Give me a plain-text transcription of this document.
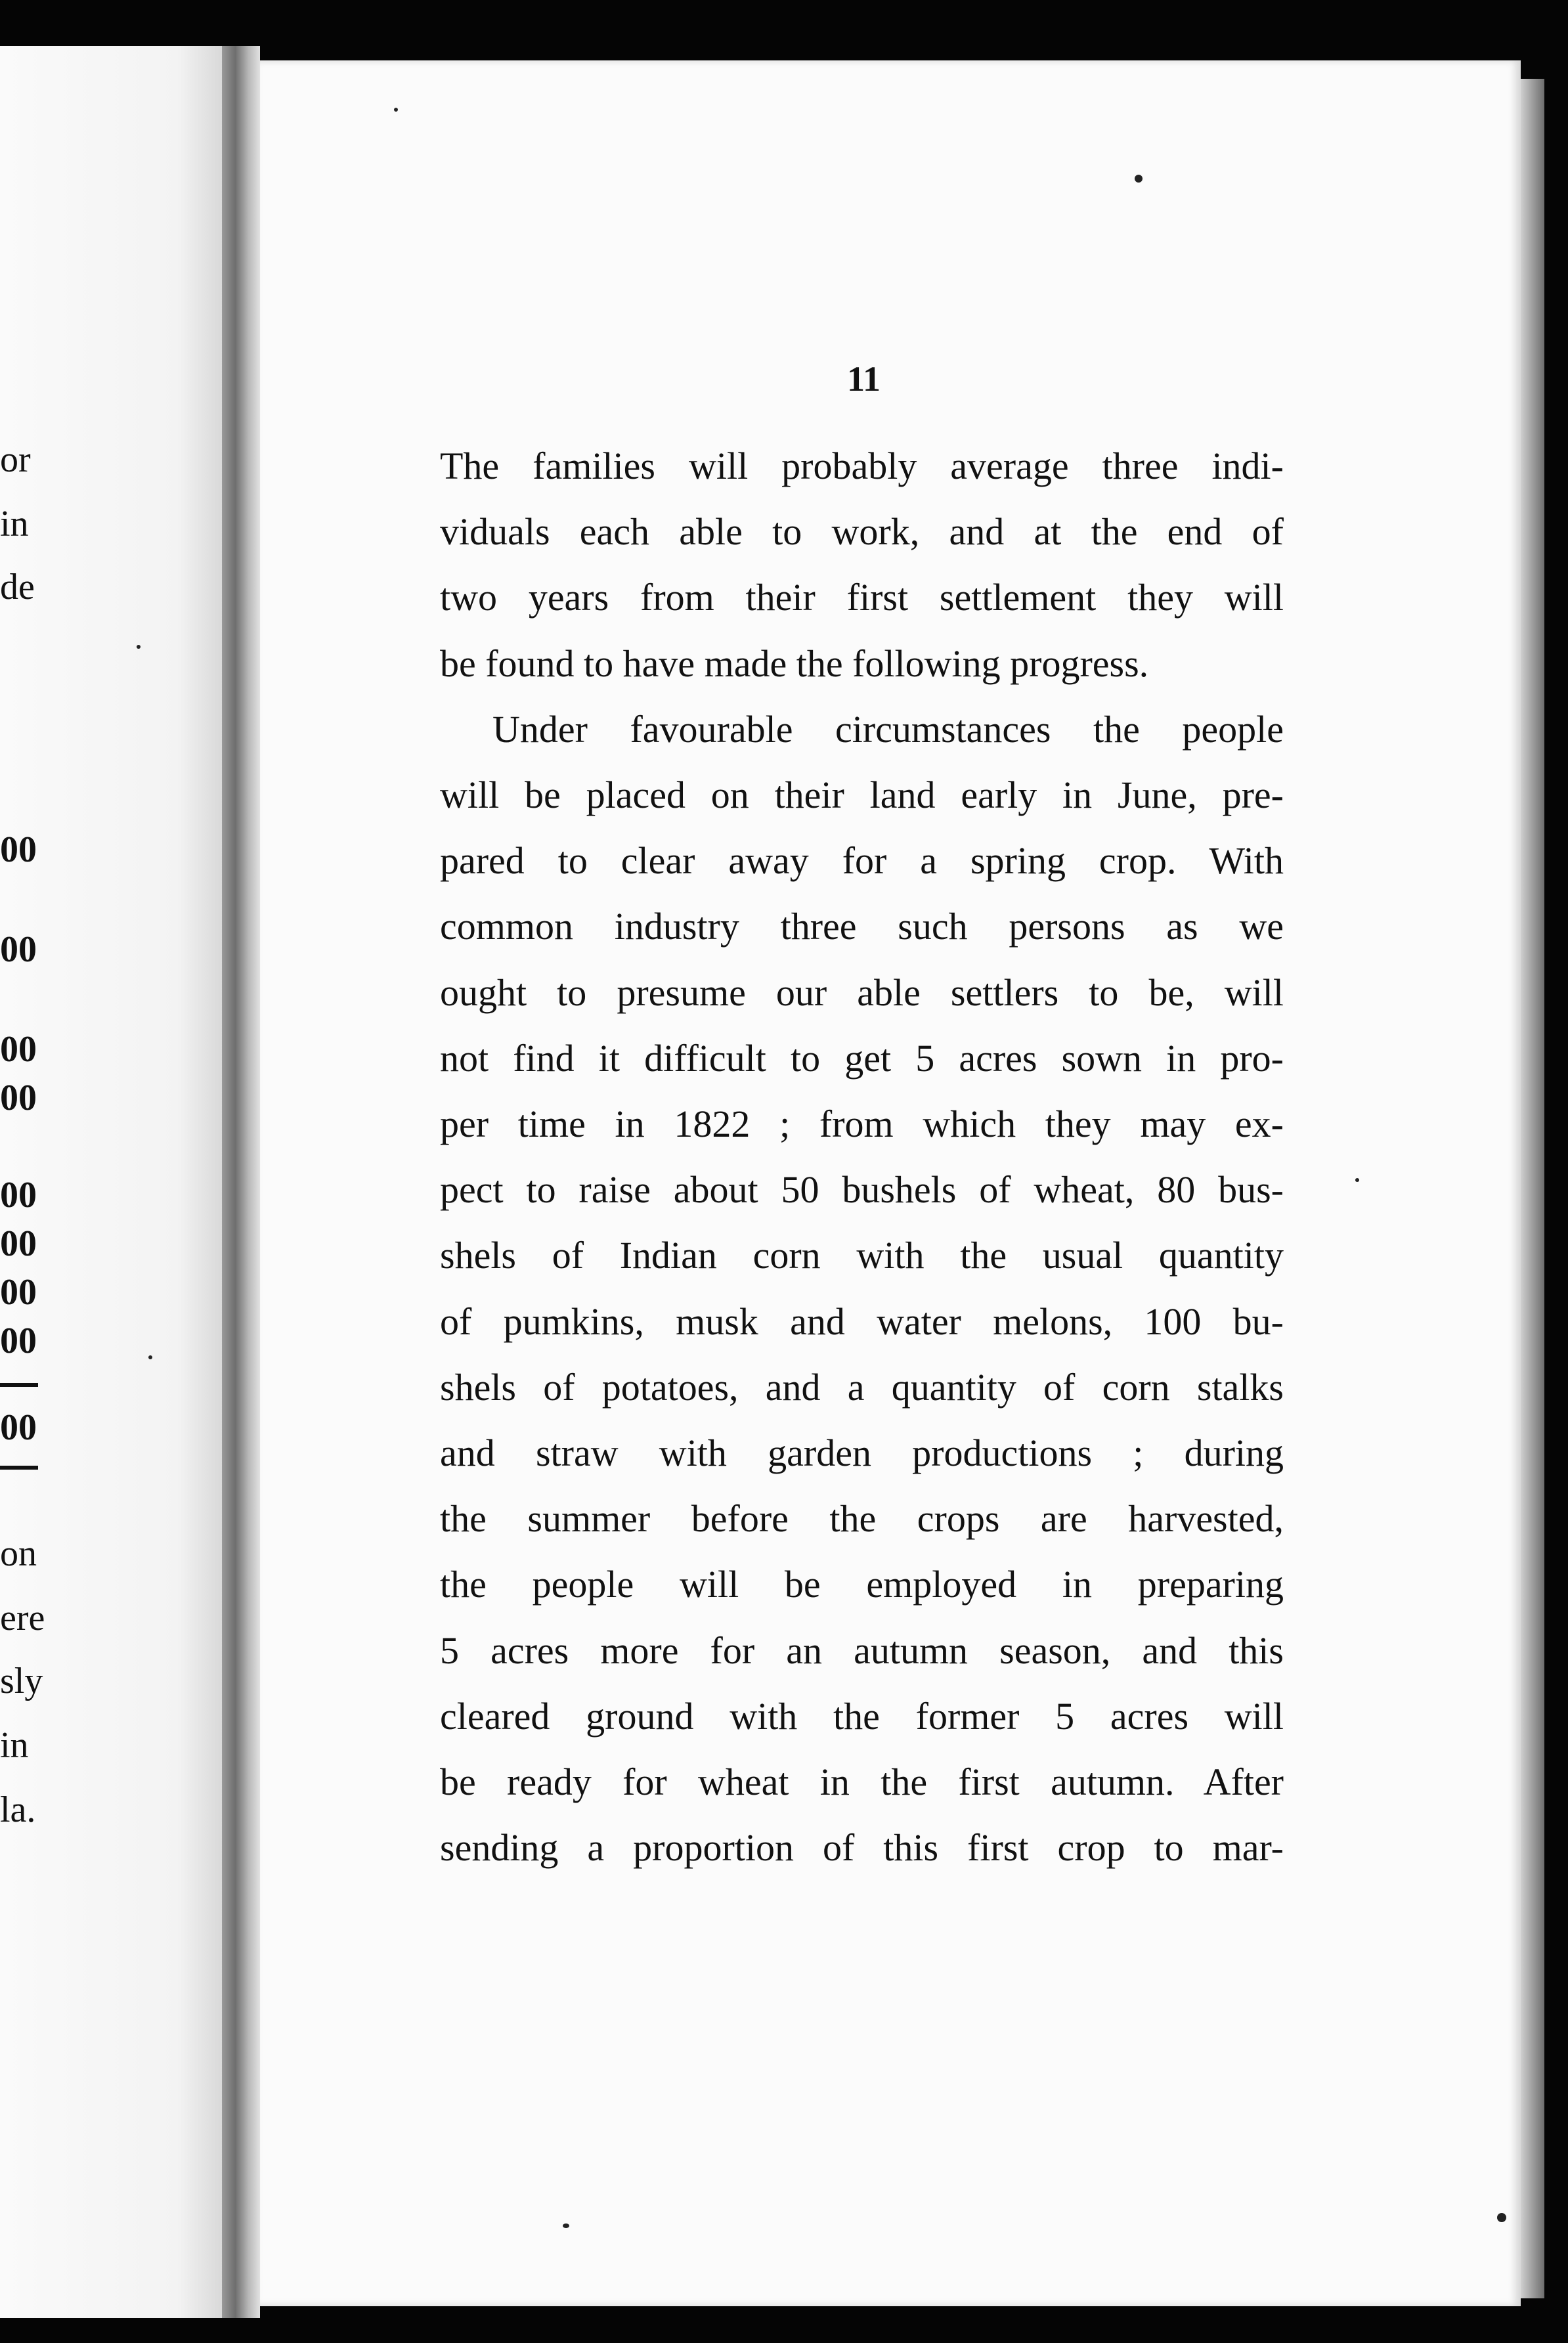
or
in
de
00
00
00
00
00
00
00
00
00
on
ere
sly
in
la.
11
The families will probably average three indi-
viduals each able to work, and at the end of
two years from their first settlement they will
be found to have made the following progress.
Under favourable circumstances the people
will be placed on their land early in June, pre-
pared to clear away for a spring crop. With
common industry three such persons as we
ought to presume our able settlers to be, will
not find it difficult to get 5 acres sown in pro-
per time in 1822 ; from which they may ex-
pect to raise about 50 bushels of wheat, 80 bus-
shels of Indian corn with the usual quantity
of pumkins, musk and water melons, 100 bu-
shels of potatoes, and a quantity of corn stalks
and straw with garden productions ; during
the summer before the crops are harvested,
the people will be employed in preparing
5 acres more for an autumn season, and this
cleared ground with the former 5 acres will
be ready for wheat in the first autumn. After
sending a proportion of this first crop to mar-
